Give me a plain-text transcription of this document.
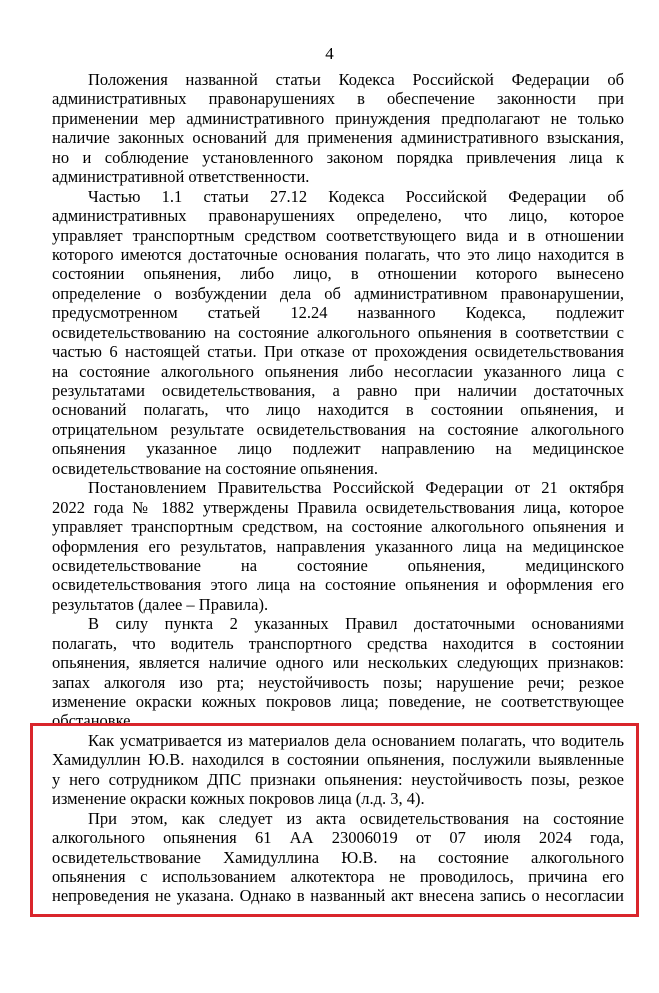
4
Положения названной статьи Кодекса Российской Федерации об
административных правонарушениях в обеспечение законности при
применении мер административного принуждения предполагают не только
наличие законных оснований для применения административного взыскания,
но и соблюдение установленного законом порядка привлечения лица к
административной ответственности.
Частью 1.1 статьи 27.12 Кодекса Российской Федерации об
административных правонарушениях определено, что лицо, которое
управляет транспортным средством соответствующего вида и в отношении
которого имеются достаточные основания полагать, что это лицо находится в
состоянии опьянения, либо лицо, в отношении которого вынесено
определение о возбуждении дела об административном правонарушении,
предусмотренном статьей 12.24 названного Кодекса, подлежит
освидетельствованию на состояние алкогольного опьянения в соответствии с
частью 6 настоящей статьи. При отказе от прохождения освидетельствования
на состояние алкогольного опьянения либо несогласии указанного лица с
результатами освидетельствования, а равно при наличии достаточных
оснований полагать, что лицо находится в состоянии опьянения, и
отрицательном результате освидетельствования на состояние алкогольного
опьянения указанное лицо подлежит направлению на медицинское
освидетельствование на состояние опьянения.
Постановлением Правительства Российской Федерации от 21 октября
2022 года № 1882 утверждены Правила освидетельствования лица, которое
управляет транспортным средством, на состояние алкогольного опьянения и
оформления его результатов, направления указанного лица на медицинское
освидетельствование на состояние опьянения, медицинского
освидетельствования этого лица на состояние опьянения и оформления его
результатов (далее – Правила).
В силу пункта 2 указанных Правил достаточными основаниями
полагать, что водитель транспортного средства находится в состоянии
опьянения, является наличие одного или нескольких следующих признаков:
запах алкоголя изо рта; неустойчивость позы; нарушение речи; резкое
изменение окраски кожных покровов лица; поведение, не соответствующее
обстановке.
Как усматривается из материалов дела основанием полагать, что водитель
Хамидуллин Ю.В. находился в состоянии опьянения, послужили выявленные
у него сотрудником ДПС признаки опьянения: неустойчивость позы, резкое
изменение окраски кожных покровов лица (л.д. 3, 4).
При этом, как следует из акта освидетельствования на состояние
алкогольного опьянения 61 АА 23006019 от 07 июля 2024 года,
освидетельствование Хамидуллина Ю.В. на состояние алкогольного
опьянения с использованием алкотектора не проводилось, причина его
непроведения не указана. Однако в названный акт внесена запись о несогласии
